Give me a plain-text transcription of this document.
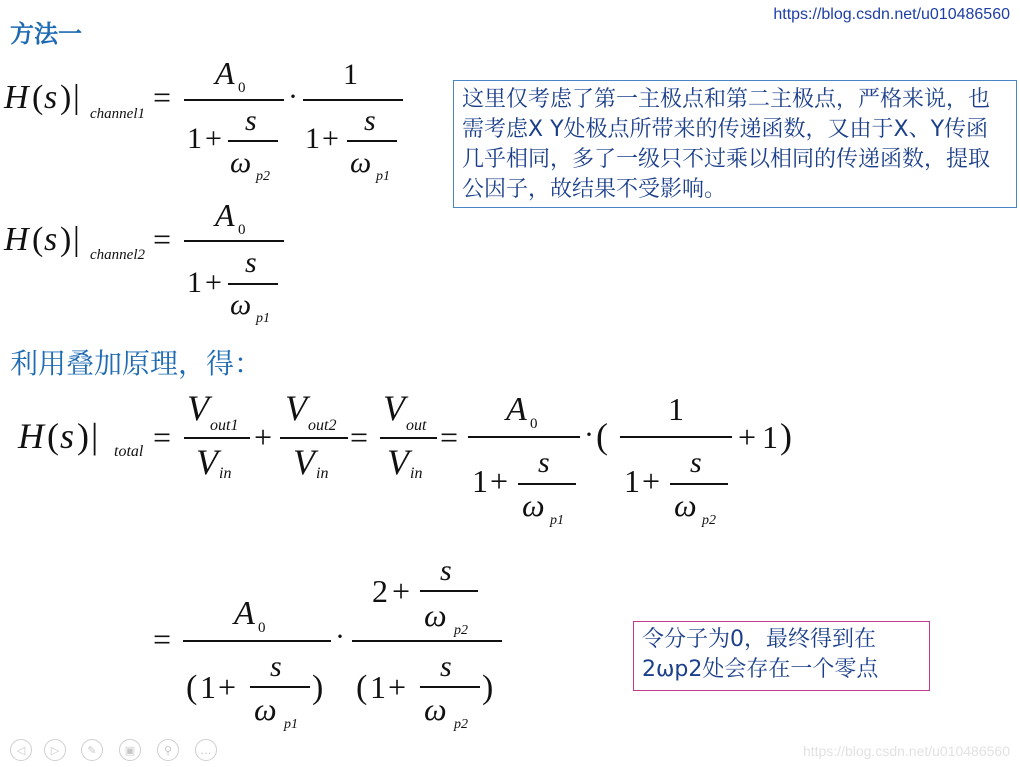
方法一
https://blog.csdn.net/u010486560
H ( s ) | channel1 =
A 0
1 +
s
ω p2
·
1
1 +
s
ω p1
H ( s ) | channel2 =
A 0
1 +
s
ω p1
H ( s ) | total =
V out1
V in
+
V out2
V in
=
V out
V in
=
A 0
1 +
s
ω p1
· (
1
1 +
s
ω p2
+ 1 )
=
A 0
( 1 +
s
ω p1
)
·
2 +
s
ω p2
( 1 +
s
ω p2
)
这里仅考虑了第一主极点和第二主极点，严格来说，也需考虑X Y处极点所带来的传递函数，又由于X、Y传函几乎相同，多了一级只不过乘以相同的传递函数，提取公因子，故结果不受影响。
利用叠加原理，得：
令分子为0，最终得到在2ωp2处会存在一个零点
https://blog.csdn.net/u010486560
◁	▷	✎	▣	⚲	…
